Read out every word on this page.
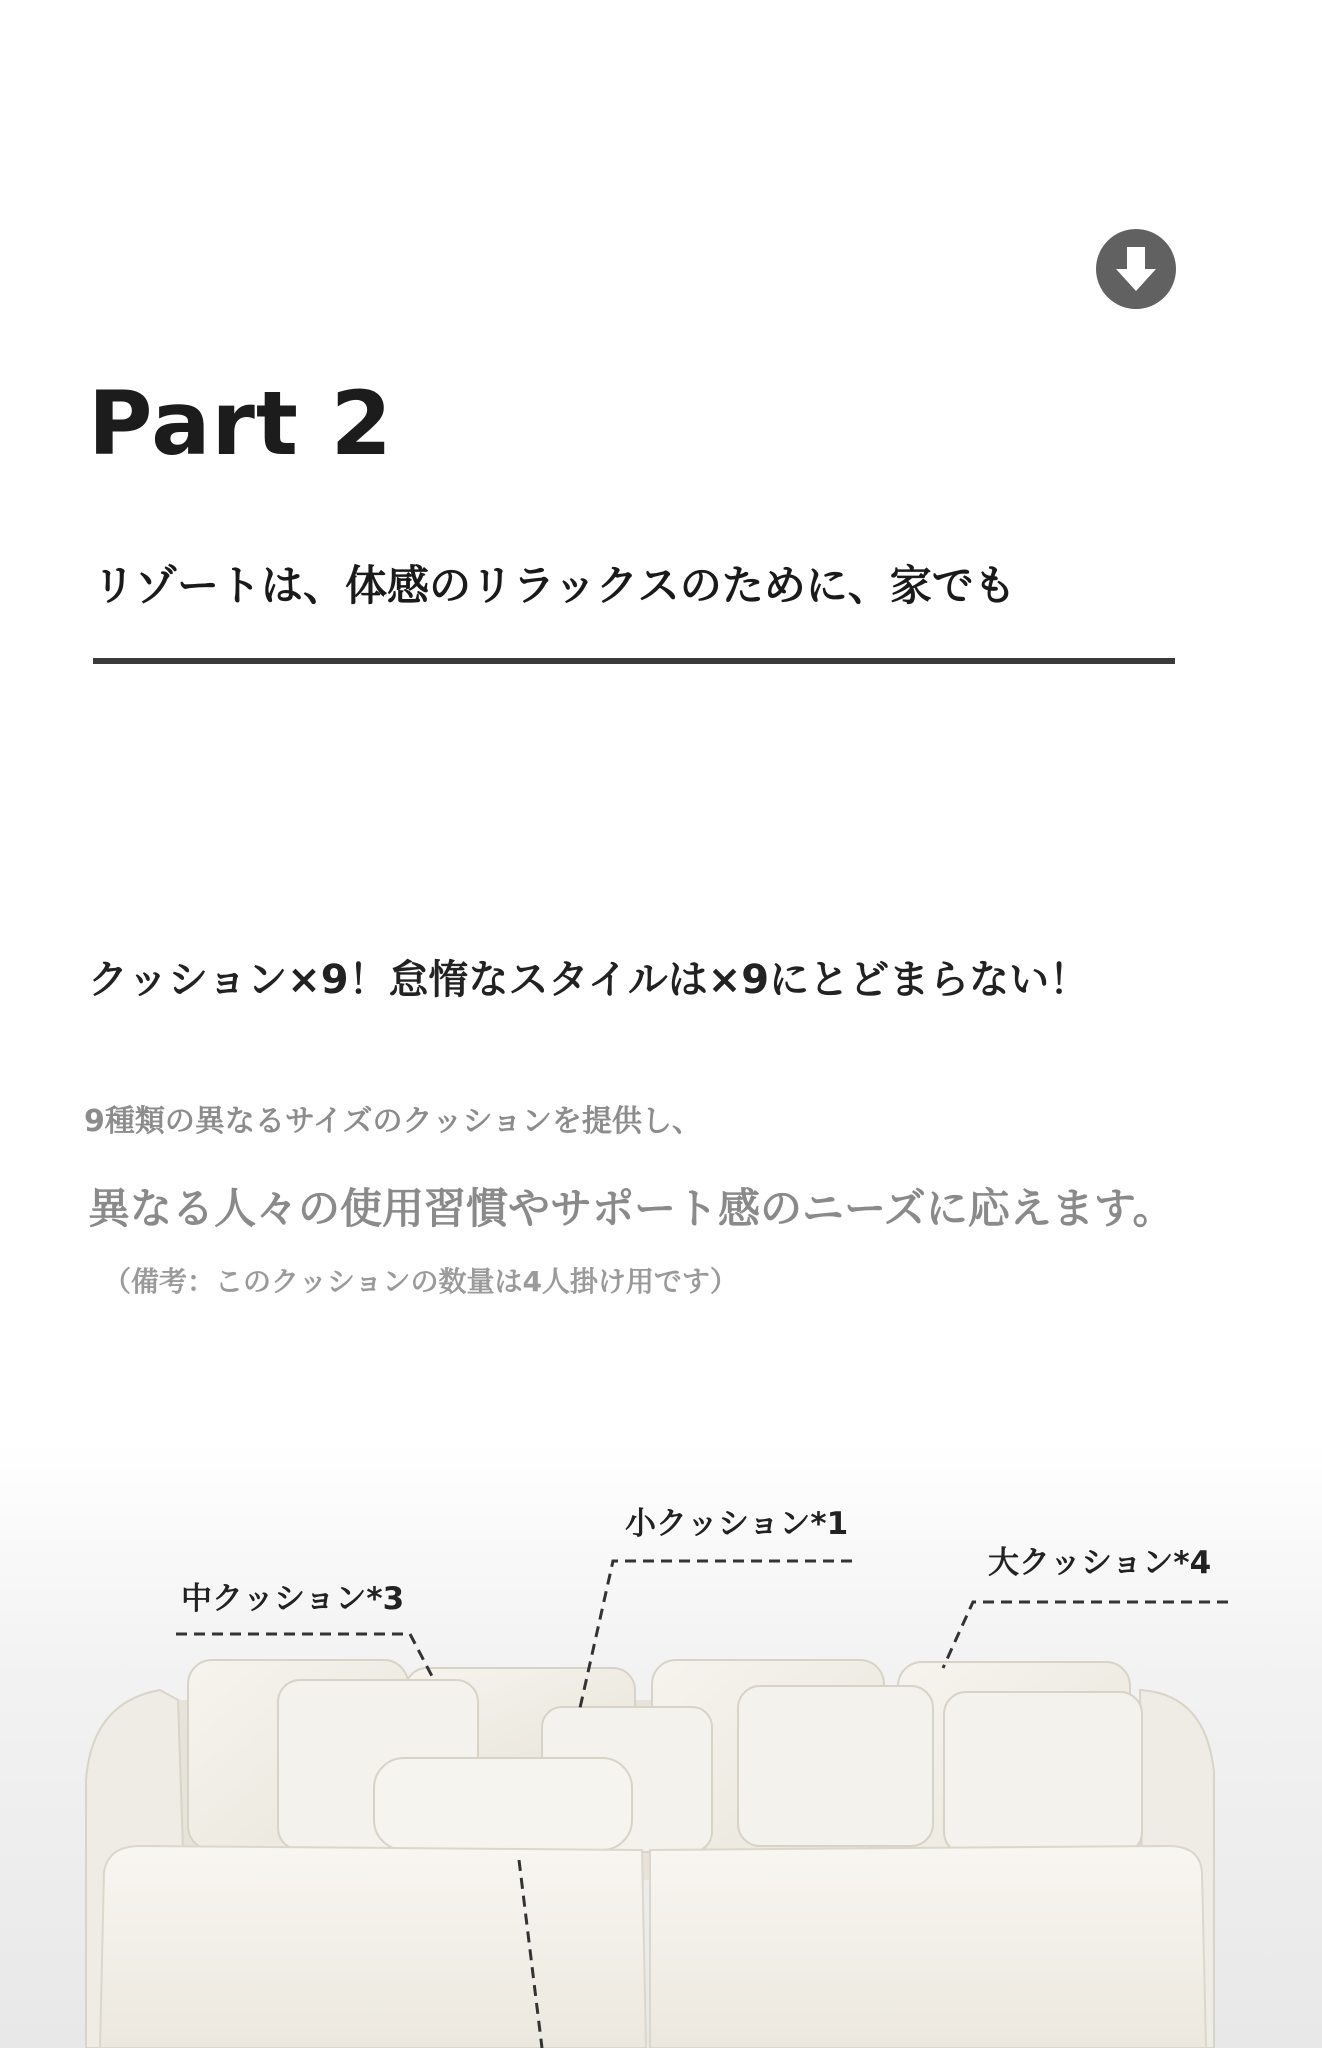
Part 2
リゾートは、体感のリラックスのために、家でも
クッション×9！怠惰なスタイルは×9にとどまらない！
9種類の異なるサイズのクッションを提供し、
異なる人々の使用習慣やサポート感のニーズに応えます。
（備考：このクッションの数量は4人掛け用です）
小クッション*1
大クッション*4
中クッション*3
